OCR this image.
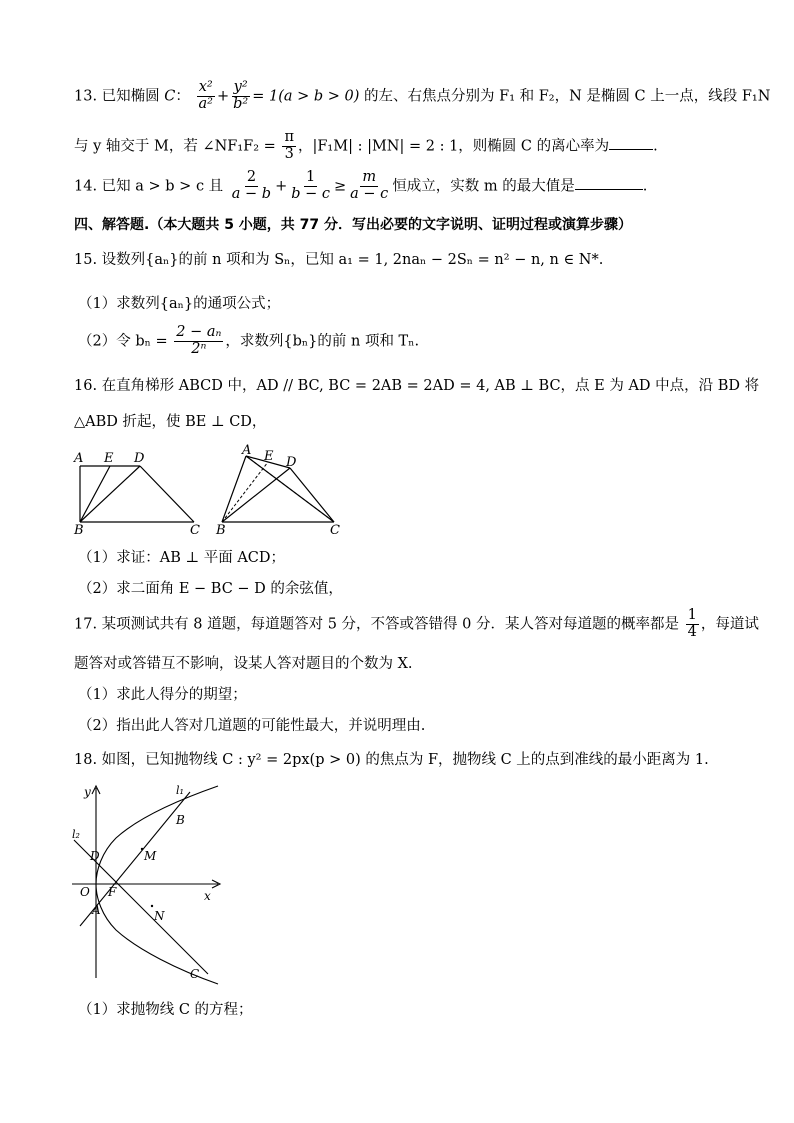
13. 已知椭圆 C： $\frac{\text{x²}}{\text{a²}} + \frac{\text{y²}}{\text{b²}} = 1(a > b > 0)$ 的左、右焦点分别为 F₁ 和 F₂，N 是椭圆 C 上一点，线段 F₁N
与 y 轴交于 M，若 ∠NF₁F₂ = $\frac{\pi}{3}$ ，|F₁M| : |MN| = 2 : 1，则椭圆 C 的离心率为	.
14. 已知 a > b > c 且 $\frac{2}{a - b} + \frac{1}{b - c} \ge \frac{m}{a - c}$ 恒成立，实数 m 的最大值是	.
四、解答题.（本大题共 5 小题，共 77 分．写出必要的文字说明、证明过程或演算步骤）
15. 设数列{aₙ}的前 n 项和为 Sₙ，已知 a₁ = 1, 2naₙ − 2Sₙ = n² − n, n ∈ N*.
（1）求数列{aₙ}的通项公式；
（2）令 $b_n = \frac{\text{2 − aₙ}}{\text{2ⁿ}}$ ，求数列{bₙ}的前 n 项和 Tₙ.
16. 在直角梯形 ABCD 中，AD // BC, BC = 2AB = 2AD = 4, AB ⊥ BC，点 E 为 AD 中点，沿 BD 将
△ABD 折起，使 BE ⊥ CD，
A E D
B	C
A E D
B	C
（1）求证：AB ⊥ 平面 ACD；
（2）求二面角 E − BC − D 的余弦值，
17. 某项测试共有 8 道题，每道题答对 5 分，不答或答错得 0 分．某人答对每道题的概率都是 $\frac{1}{4}$ ，每道试
题答对或答错互不影响，设某人答对题目的个数为 X.
（1）求此人得分的期望；
（2）指出此人答对几道题的可能性最大，并说明理由.
18. 如图，已知抛物线 C : y² = 2px(p > 0) 的焦点为 F，抛物线 C 上的点到准线的最小距离为 1.
y
x
O F
A
B
C
D	M
N
l₁
l₂
（1）求抛物线 C 的方程；
